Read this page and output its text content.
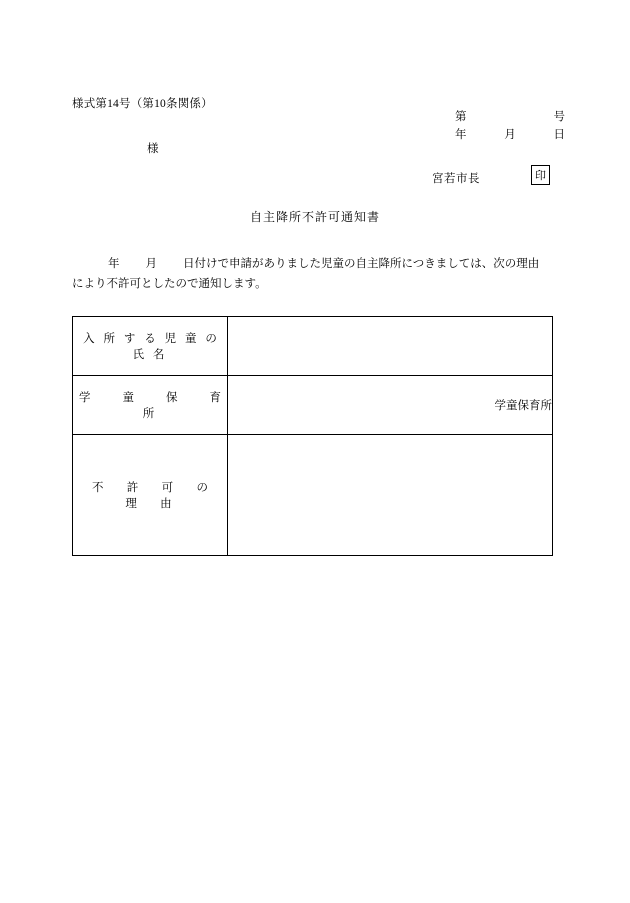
様式第14号（第10条関係）
第	号
年	月	日
様
宮若市長	印
自主降所不許可通知書
年 月 日付けで申請がありました児童の自主降所につきましては、次の理由
により不許可としたので通知します。
入 所 す る 児 童 の 氏 名	
学　　童　　保　　育　　所	学童保育所
不　 許　 可　 の　 理　 由	
